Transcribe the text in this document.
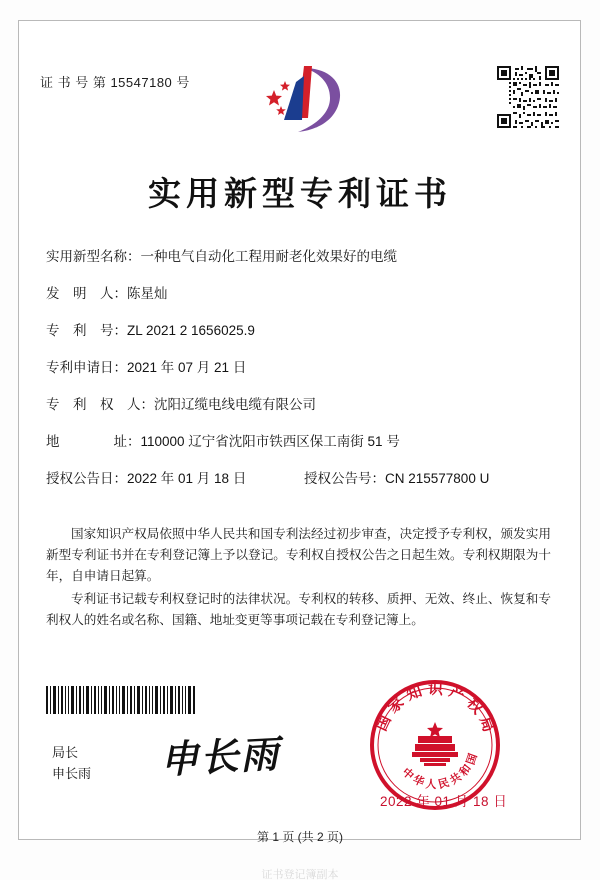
证 书 号 第 15547180 号
实用新型专利证书
实用新型名称：一种电气自动化工程用耐老化效果好的电缆
发　明　人：陈星灿
专　利　号：ZL 2021 2 1656025.9
专利申请日：2021 年 07 月 21 日
专　利　权　人：沈阳辽缆电线电缆有限公司
地　　　　址：110000 辽宁省沈阳市铁西区保工南街 51 号
授权公告日：2022 年 01 月 18 日	授权公告号：CN 215577800 U

国家知识产权局依照中华人民共和国专利法经过初步审查，决定授予专利权，颁发实用新型专利证书并在专利登记簿上予以登记。专利权自授权公告之日起生效。专利权期限为十年，自申请日起算。

专利证书记载专利权登记时的法律状况。专利权的转移、质押、无效、终止、恢复和专利权人的姓名或名称、国籍、地址变更等事项记载在专利登记簿上。

局长
申长雨 申长雨
国家知识产权局
中华人民共和国
2022 年 01 月 18 日
第 1 页 (共 2 页)
证书登记簿副本
